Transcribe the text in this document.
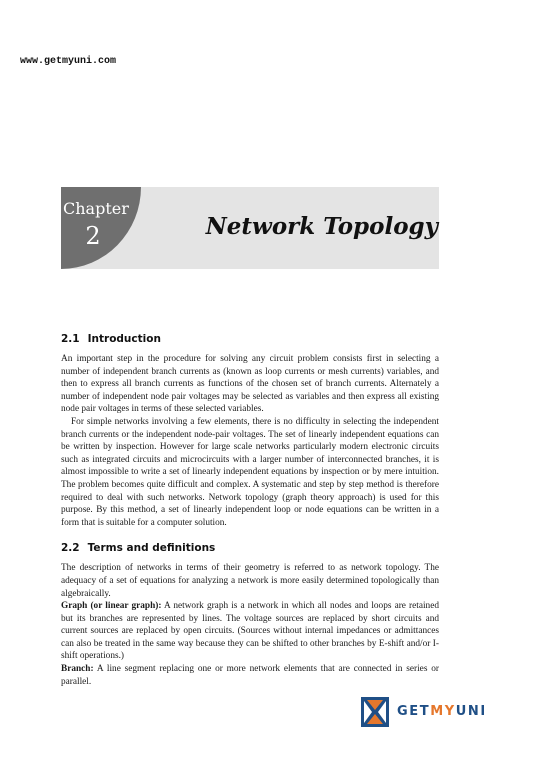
www.getmyuni.com
Chapter
2	Network Topology
2.1 Introduction

An important step in the procedure for solving any circuit problem consists first in selecting a number of independent branch currents as (known as loop currents or mesh currents) variables, and then to express all branch currents as functions of the chosen set of branch currents. Alternately a number of independent node pair voltages may be selected as variables and then express all existing node pair voltages in terms of these selected variables.

For simple networks involving a few elements, there is no difficulty in selecting the independent branch currents or the independent node-pair voltages. The set of linearly independent equations can be written by inspection. However for large scale networks particularly modern electronic circuits such as integrated circuits and microcircuits with a larger number of interconnected branches, it is almost impossible to write a set of linearly independent equations by inspection or by mere intuition. The problem becomes quite difficult and complex. A systematic and step by step method is therefore required to deal with such networks. Network topology (graph theory approach) is used for this purpose. By this method, a set of linearly independent loop or node equations can be written in a form that is suitable for a computer solution.

2.2 Terms and definitions

The description of networks in terms of their geometry is referred to as network topology. The adequacy of a set of equations for analyzing a network is more easily determined topologically than algebraically.

Graph (or linear graph): A network graph is a network in which all nodes and loops are retained but its branches are represented by lines. The voltage sources are replaced by short circuits and current sources are replaced by open circuits. (Sources without internal impedances or admittances can also be treated in the same way because they can be shifted to other branches by E-shift and/or I-shift operations.)

Branch: A line segment replacing one or more network elements that are connected in series or parallel.

GETMYUNI
